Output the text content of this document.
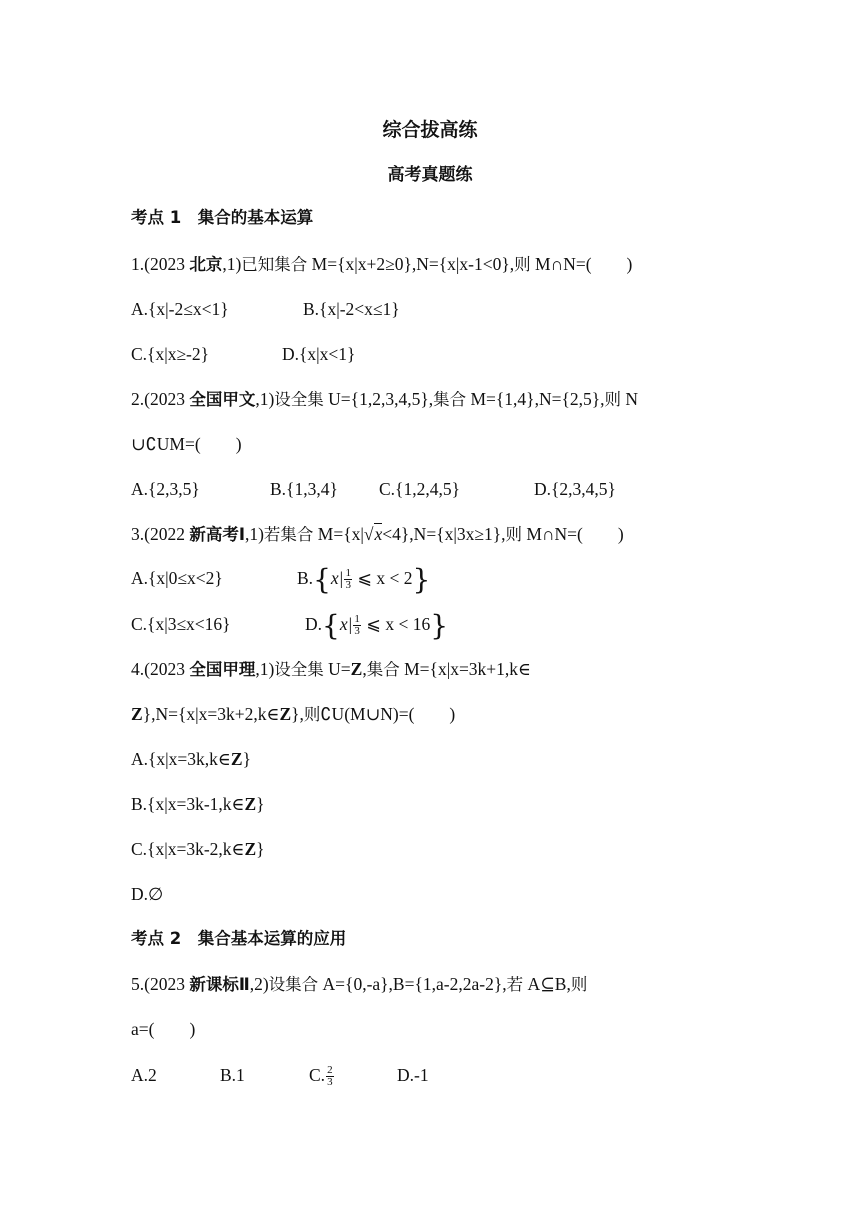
综合拔高练
高考真题练
考点 1　集合的基本运算
1.(2023 北京,1)已知集合 M={x|x+2≥0},N={x|x-1<0},则 M∩N=(　　)
A.{x|-2≤x<1}	B.{x|-2<x≤1}
C.{x|x≥-2}	D.{x|x<1}
2.(2023 全国甲文,1)设全集 U={1,2,3,4,5},集合 M={1,4},N={2,5},则 N
∪∁UM=(　　)
A.{2,3,5}	B.{1,3,4} C.{1,2,4,5}	D.{2,3,4,5}
3.(2022 新高考Ⅰ,1)若集合 M={x|√x<4},N={x|3x≥1},则 M∩N=(　　)
A.{x|0≤x<2}	$B.\{x| \frac{1}{3}$ ⩽ x < 2}
C.{x|3≤x<16}	$D.\{x| \frac{1}{3}$ ⩽ x < 16}
4.(2023 全国甲理,1)设全集 U=Z,集合 M={x|x=3k+1,k∈
Z},N={x|x=3k+2,k∈Z},则∁U(M∪N)=(　　)
A.{x|x=3k,k∈Z}
B.{x|x=3k-1,k∈Z}
C.{x|x=3k-2,k∈Z}
D.∅
考点 2　集合基本运算的应用
5.(2023 新课标Ⅱ,2)设集合 A={0,-a},B={1,a-2,2a-2},若 A⊆B,则
a=(　　)
A.2	B.1	C. $\frac{2}{3}$	D.-1
